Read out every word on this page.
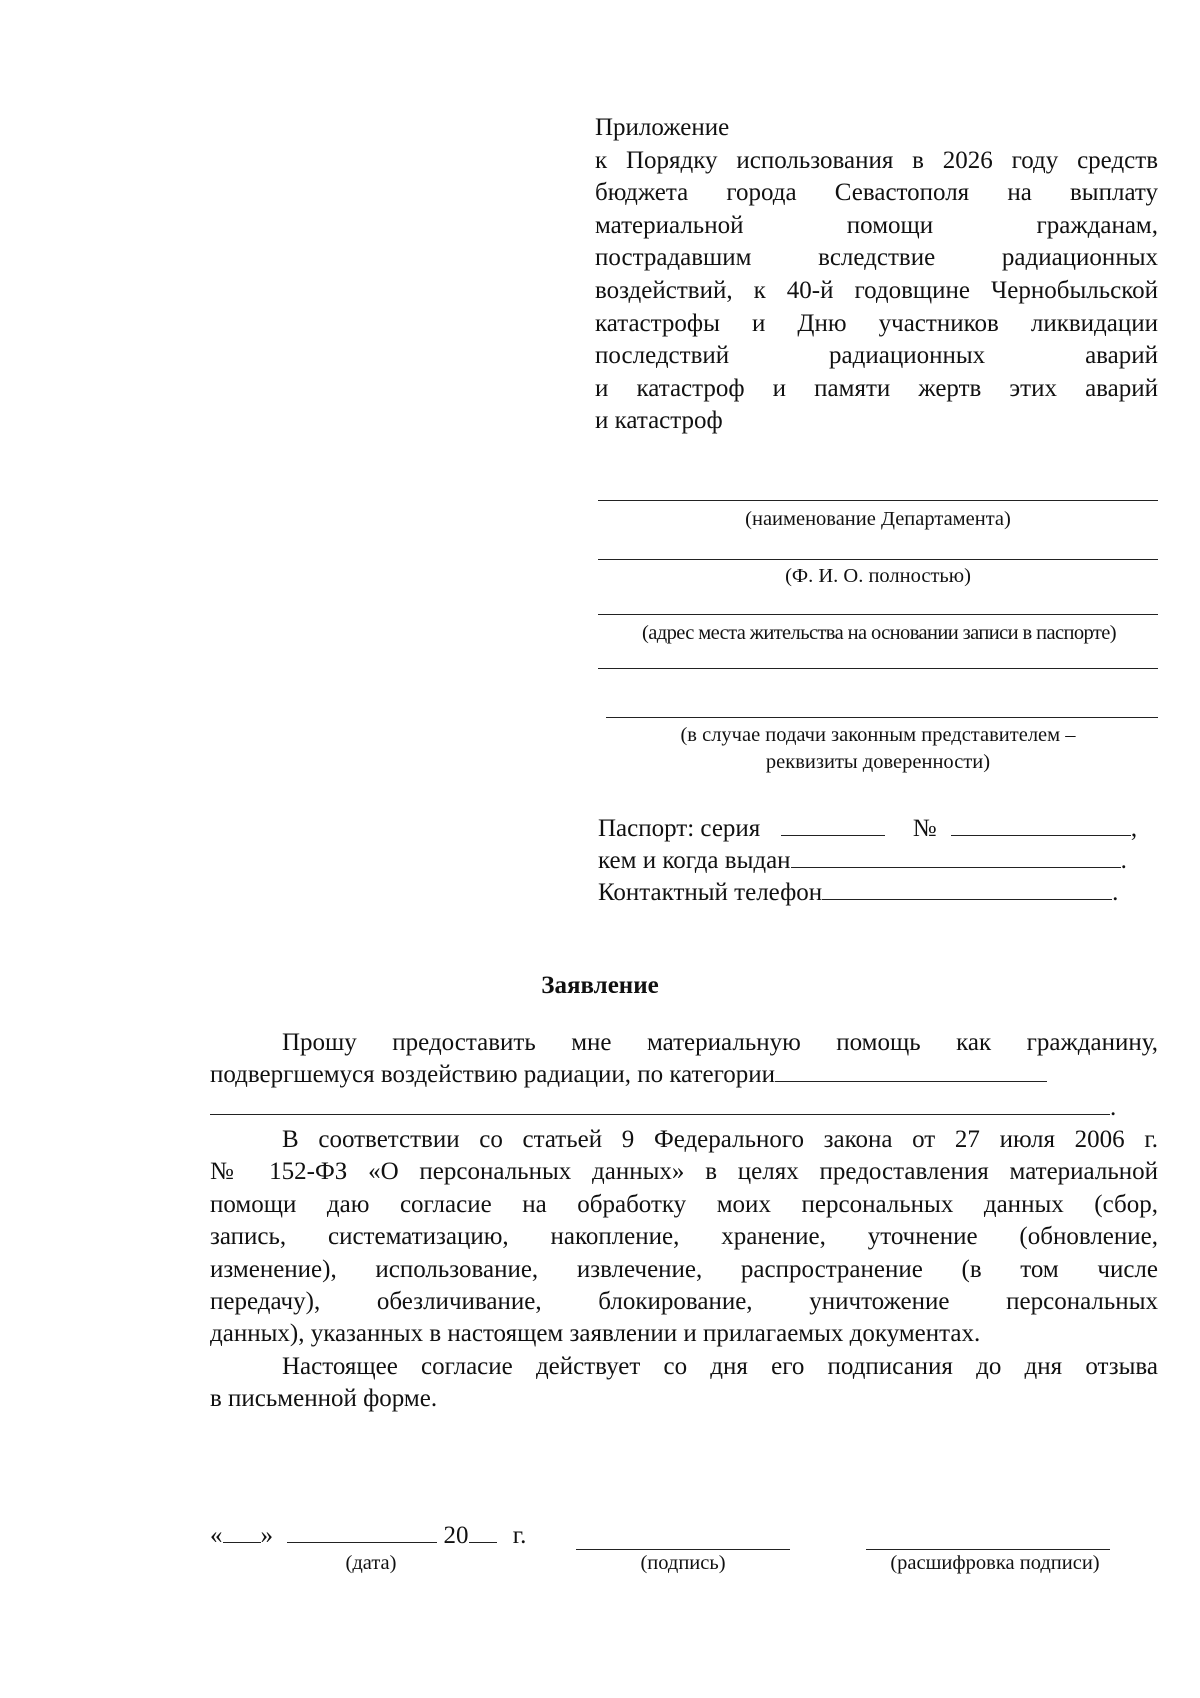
Приложение
к Порядку использования в 2026 году средств
бюджета города Севастополя на выплату
материальной помощи гражданам,
пострадавшим вследствие радиационных
воздействий, к 40-й годовщине Чернобыльской
катастрофы и Дню участников ликвидации
последствий радиационных аварий
и катастроф и памяти жертв этих аварий
и катастроф
(наименование Департамента)
(Ф. И. О. полностью)
(адрес места жительства на основании записи в паспорте)
(в случае подачи законным представителем –
реквизиты доверенности)
Паспорт: серия	№	,
кем и когда выдан	.
Контактный телефон	.
Заявление
Прошу предоставить мне материальную помощь как гражданину,
подвергшемуся воздействию радиации, по категории
.
В соответствии со статьей 9 Федерального закона от 27 июля 2006 г.
№ 152-ФЗ «О персональных данных» в целях предоставления материальной
помощи даю согласие на обработку моих персональных данных (сбор,
запись, систематизацию, накопление, хранение, уточнение (обновление,
изменение), использование, извлечение, распространение (в том числе
передачу), обезличивание, блокирование, уничтожение персональных
данных), указанных в настоящем заявлении и прилагаемых документах.
Настоящее согласие действует со дня его подписания до дня отзыва
в письменной форме.
« »	20 г.
(дата)	(подпись)	(расшифровка подписи)
